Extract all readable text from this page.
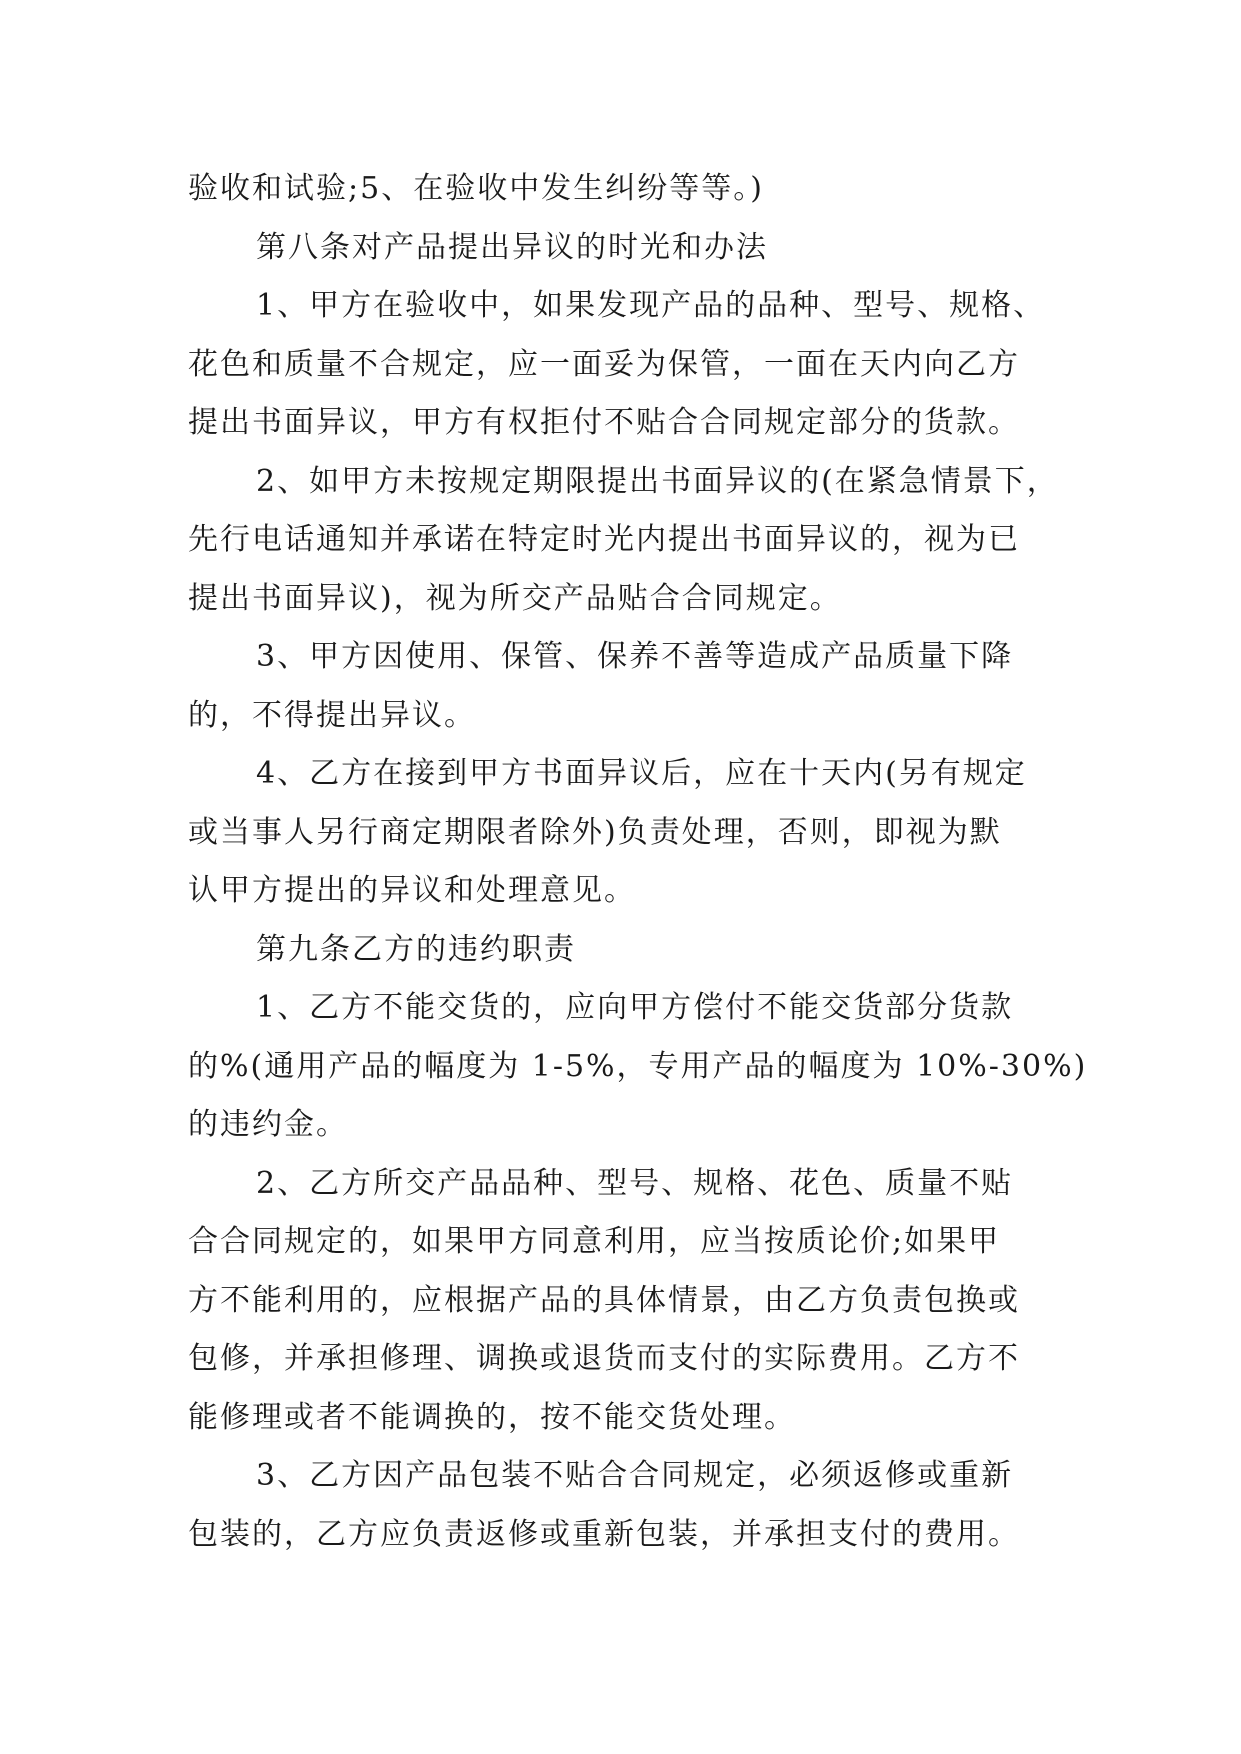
验收和试验;5、在验收中发生纠纷等等。)
第八条对产品提出异议的时光和办法
1、甲方在验收中，如果发现产品的品种、型号、规格、
花色和质量不合规定，应一面妥为保管，一面在天内向乙方
提出书面异议，甲方有权拒付不贴合合同规定部分的货款。
2、如甲方未按规定期限提出书面异议的(在紧急情景下，
先行电话通知并承诺在特定时光内提出书面异议的，视为已
提出书面异议)，视为所交产品贴合合同规定。
3、甲方因使用、保管、保养不善等造成产品质量下降
的，不得提出异议。
4、乙方在接到甲方书面异议后，应在十天内(另有规定
或当事人另行商定期限者除外)负责处理，否则，即视为默
认甲方提出的异议和处理意见。
第九条乙方的违约职责
1、乙方不能交货的，应向甲方偿付不能交货部分货款
的%(通用产品的幅度为 1-5%，专用产品的幅度为 10%-30%)
的违约金。
2、乙方所交产品品种、型号、规格、花色、质量不贴
合合同规定的，如果甲方同意利用，应当按质论价;如果甲
方不能利用的，应根据产品的具体情景，由乙方负责包换或
包修，并承担修理、调换或退货而支付的实际费用。乙方不
能修理或者不能调换的，按不能交货处理。
3、乙方因产品包装不贴合合同规定，必须返修或重新
包装的，乙方应负责返修或重新包装，并承担支付的费用。
